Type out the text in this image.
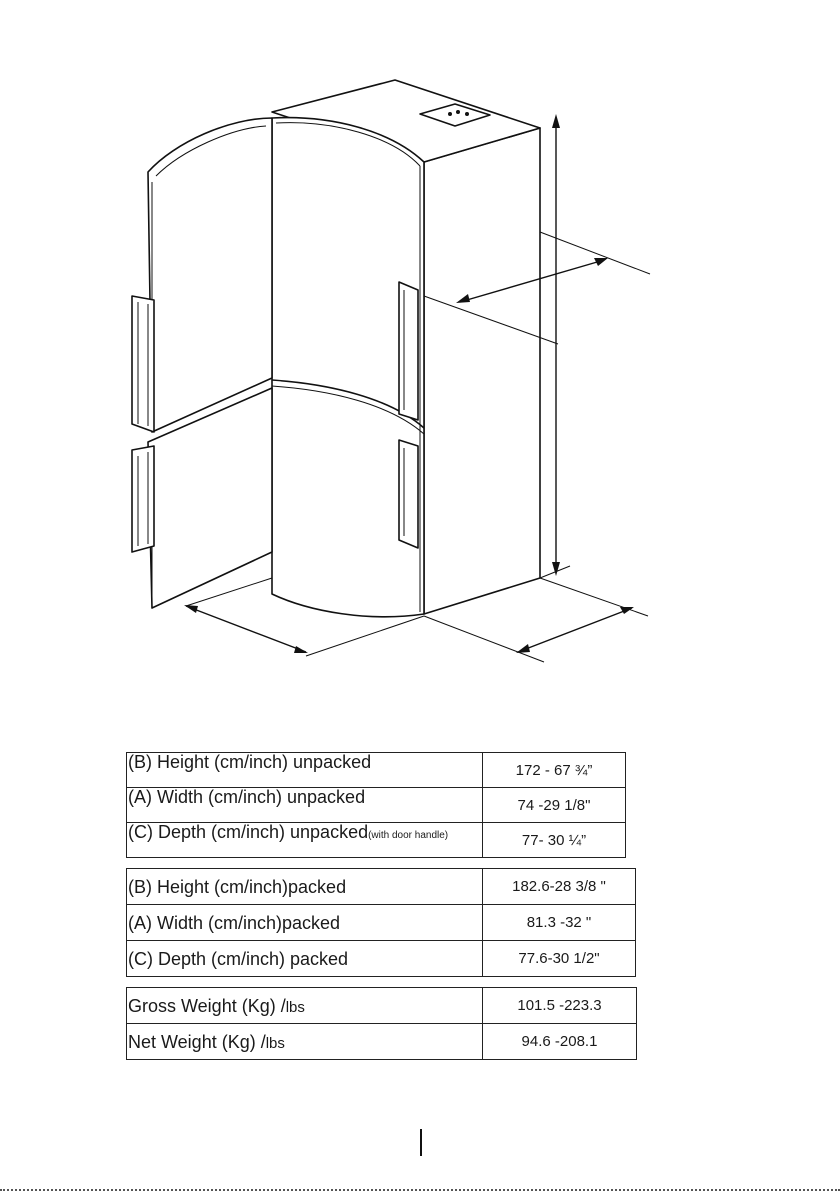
(B) Height (cm/inch) unpacked	172 - 67 ¾”
(A) Width (cm/inch) unpacked	74 -29 1/8"
(C) Depth (cm/inch) unpacked(with door handle)	77- 30 ¼”
(B) Height (cm/inch)packed	182.6-28 3/8 "
(A) Width (cm/inch)packed	81.3 -32 "
(C) Depth (cm/inch) packed	77.6-30 1/2"
Gross Weight (Kg) /lbs	101.5 -223.3
Net Weight (Kg) /lbs	94.6 -208.1
